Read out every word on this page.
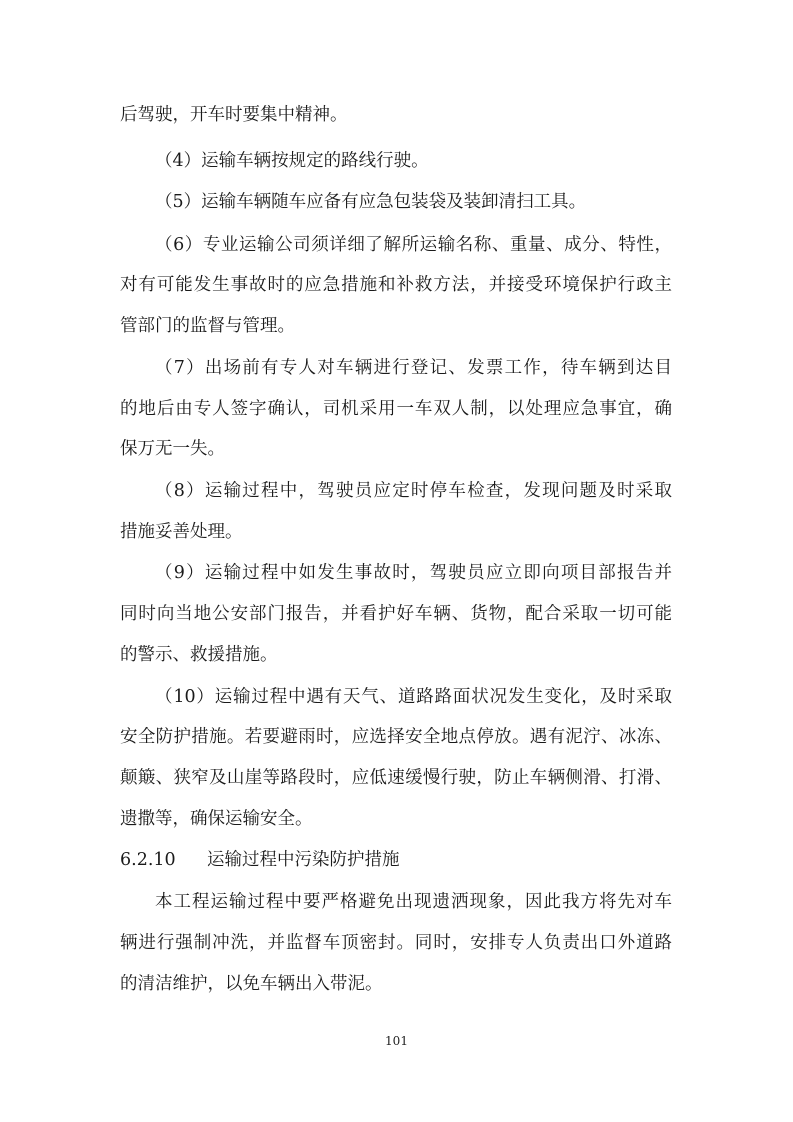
后驾驶，开车时要集中精神。

（4）运输车辆按规定的路线行驶。

（5）运输车辆随车应备有应急包装袋及装卸清扫工具。

（6）专业运输公司须详细了解所运输名称、重量、成分、特性，

对有可能发生事故时的应急措施和补救方法，并接受环境保护行政主

管部门的监督与管理。

（7）出场前有专人对车辆进行登记、发票工作，待车辆到达目

的地后由专人签字确认，司机采用一车双人制，以处理应急事宜，确

保万无一失。

（8）运输过程中，驾驶员应定时停车检查，发现问题及时采取

措施妥善处理。

（9）运输过程中如发生事故时，驾驶员应立即向项目部报告并

同时向当地公安部门报告，并看护好车辆、货物，配合采取一切可能

的警示、救援措施。

（10）运输过程中遇有天气、道路路面状况发生变化，及时采取

安全防护措施。若要避雨时，应选择安全地点停放。遇有泥泞、冰冻、

颠簸、狭窄及山崖等路段时，应低速缓慢行驶，防止车辆侧滑、打滑、

遗撒等，确保运输安全。

6.2.10 运输过程中污染防护措施

本工程运输过程中要严格避免出现遗洒现象，因此我方将先对车

辆进行强制冲洗，并监督车顶密封。同时，安排专人负责出口外道路

的清洁维护，以免车辆出入带泥。

101
